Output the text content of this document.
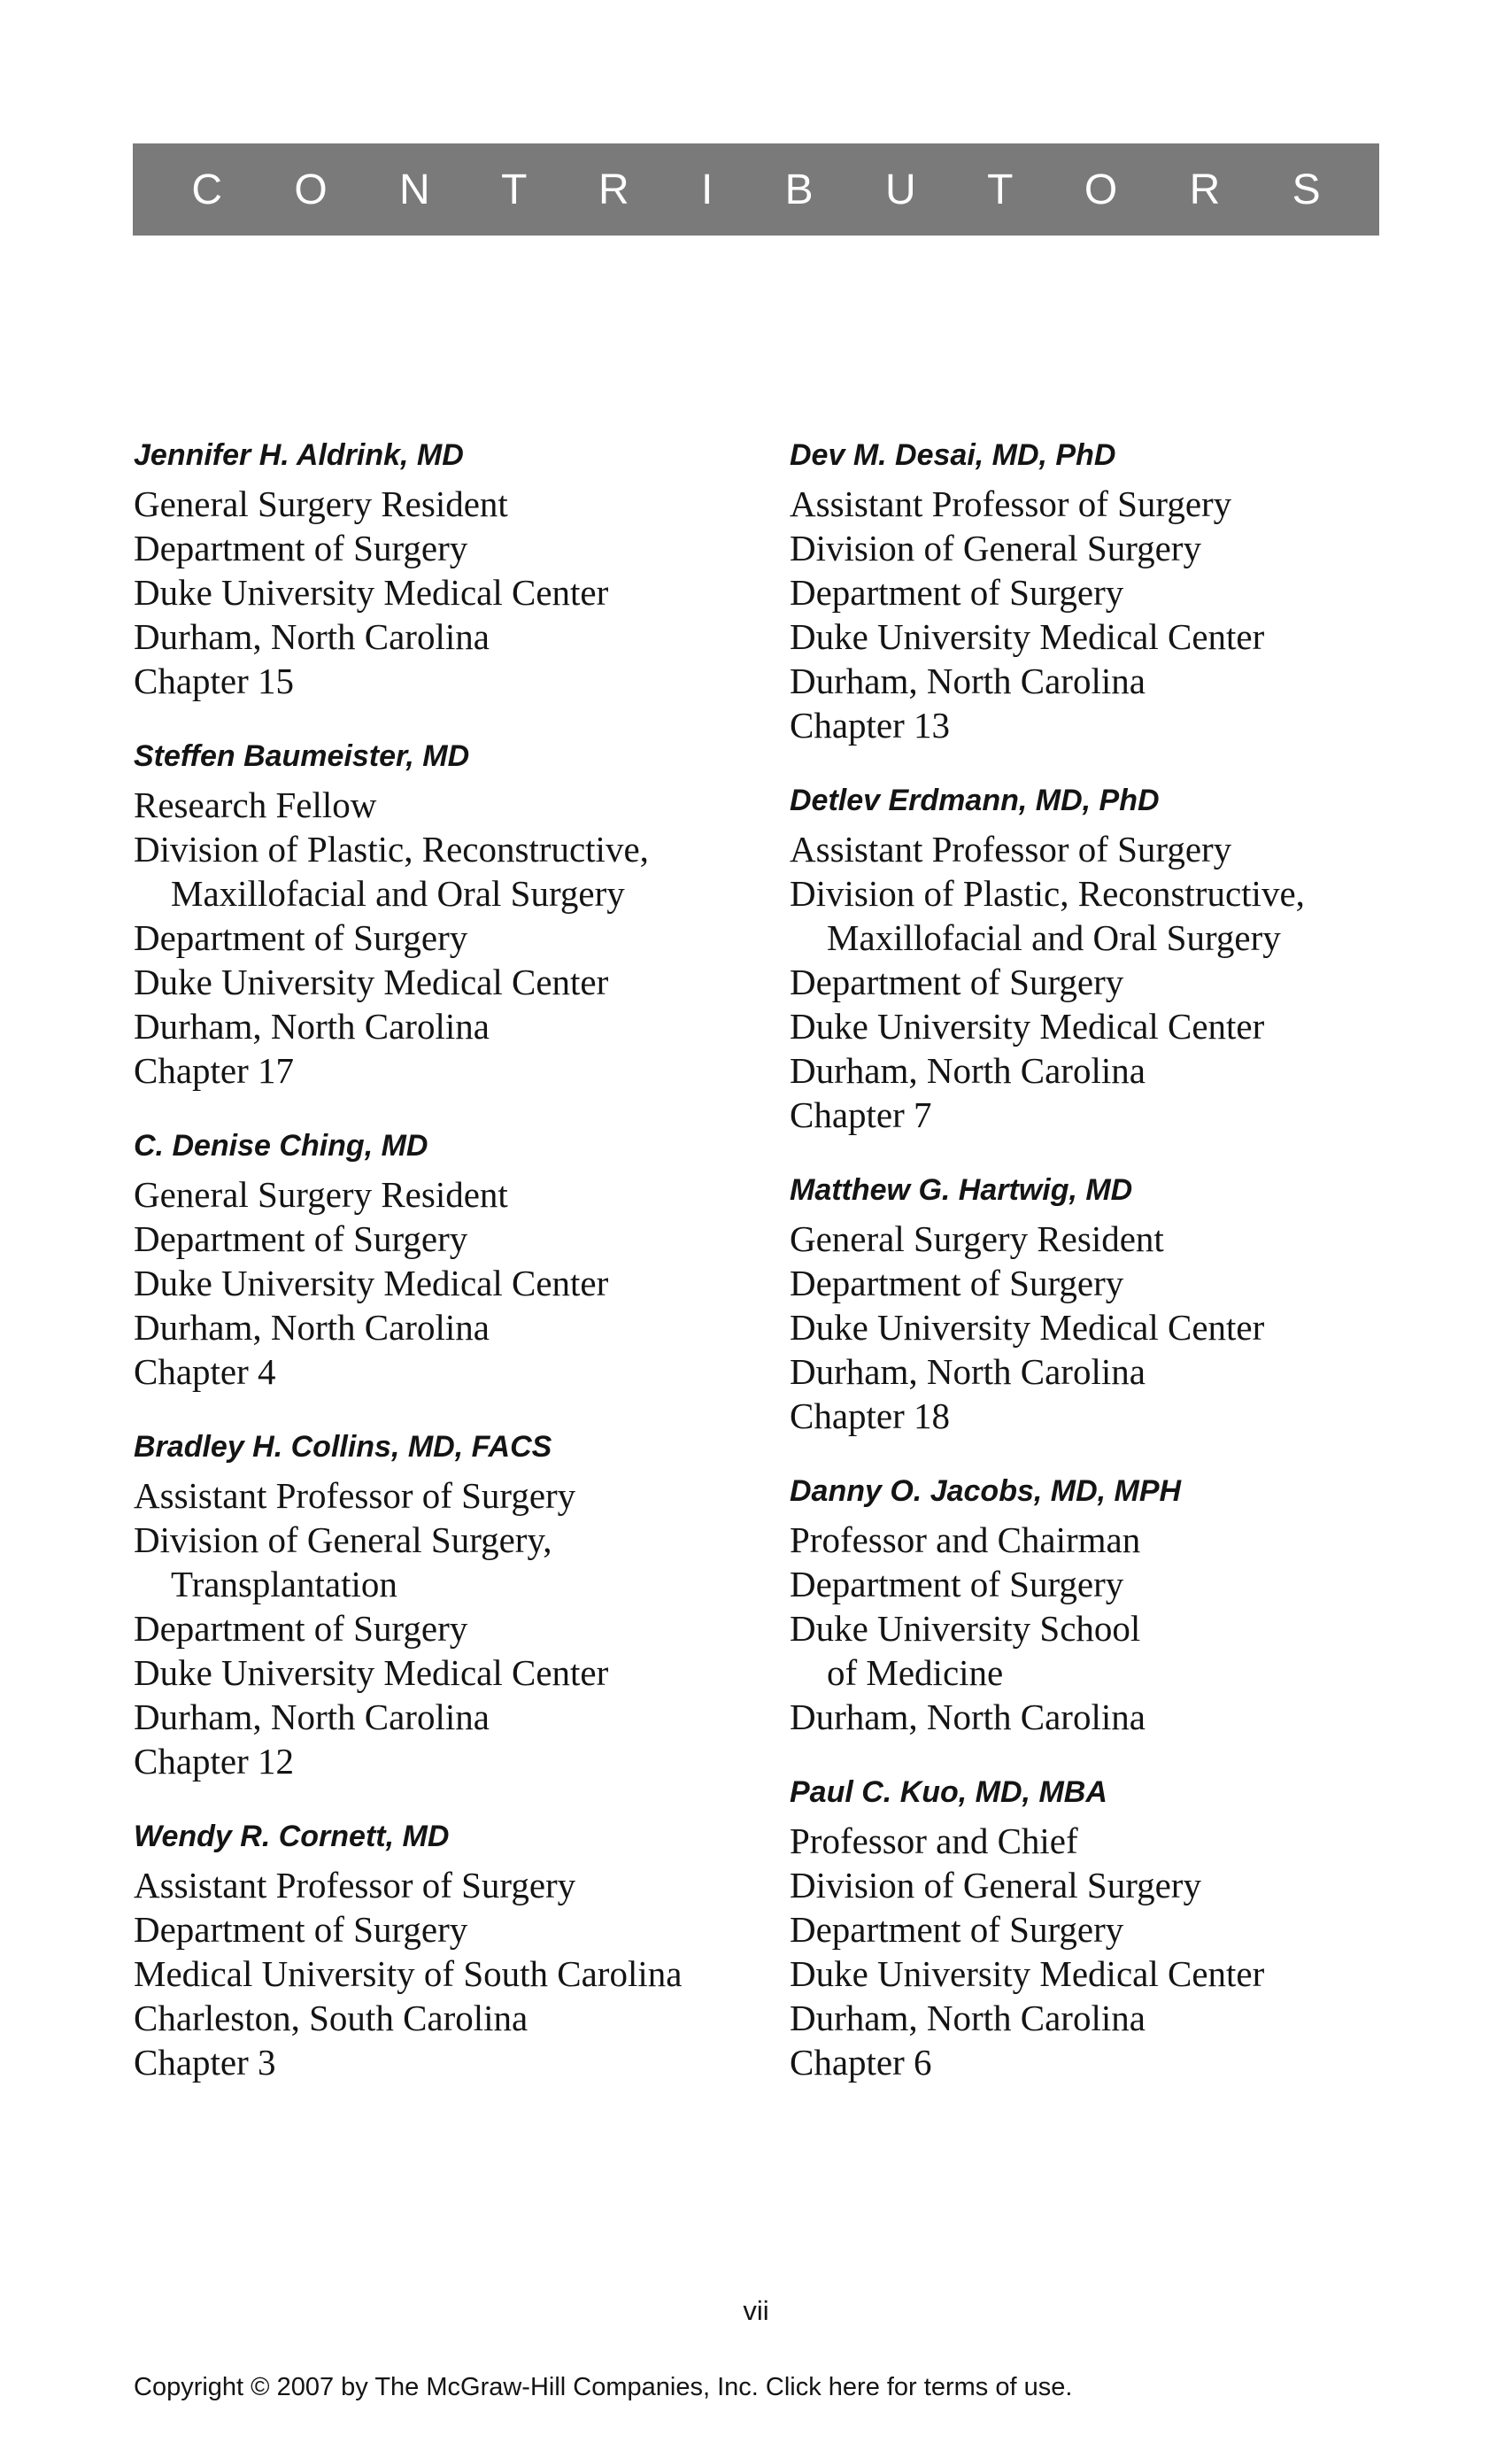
C O N T R I B U T O R S
Jennifer H. Aldrink, MD
General Surgery Resident
Department of Surgery
Duke University Medical Center
Durham, North Carolina
Chapter 15
Steffen Baumeister, MD
Research Fellow
Division of Plastic, Reconstructive,
Maxillofacial and Oral Surgery
Department of Surgery
Duke University Medical Center
Durham, North Carolina
Chapter 17
C. Denise Ching, MD
General Surgery Resident
Department of Surgery
Duke University Medical Center
Durham, North Carolina
Chapter 4
Bradley H. Collins, MD, FACS
Assistant Professor of Surgery
Division of General Surgery,
Transplantation
Department of Surgery
Duke University Medical Center
Durham, North Carolina
Chapter 12
Wendy R. Cornett, MD
Assistant Professor of Surgery
Department of Surgery
Medical University of South Carolina
Charleston, South Carolina
Chapter 3
Dev M. Desai, MD, PhD
Assistant Professor of Surgery
Division of General Surgery
Department of Surgery
Duke University Medical Center
Durham, North Carolina
Chapter 13
Detlev Erdmann, MD, PhD
Assistant Professor of Surgery
Division of Plastic, Reconstructive,
Maxillofacial and Oral Surgery
Department of Surgery
Duke University Medical Center
Durham, North Carolina
Chapter 7
Matthew G. Hartwig, MD
General Surgery Resident
Department of Surgery
Duke University Medical Center
Durham, North Carolina
Chapter 18
Danny O. Jacobs, MD, MPH
Professor and Chairman
Department of Surgery
Duke University School
of Medicine
Durham, North Carolina
Paul C. Kuo, MD, MBA
Professor and Chief
Division of General Surgery
Department of Surgery
Duke University Medical Center
Durham, North Carolina
Chapter 6
vii
Copyright © 2007 by The McGraw-Hill Companies, Inc. Click here for terms of use.
